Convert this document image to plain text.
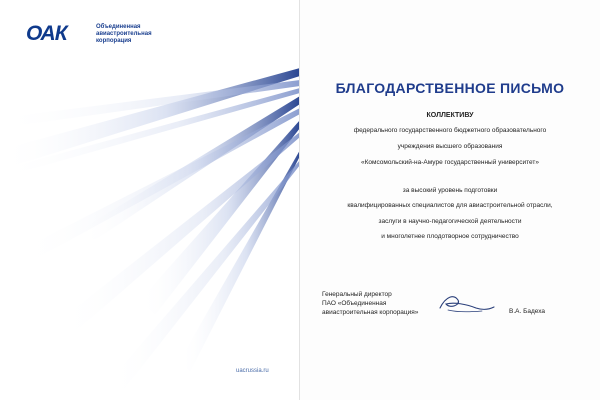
ОАК	Объединенная
авиастроительная
корпорация
uacrussia.ru
БЛАГОДАРСТВЕННОЕ ПИСЬМО
КОЛЛЕКТИВУ
федерального государственного бюджетного образовательного
учреждения высшего образования
«Комсомольский-на-Амуре государственный университет»
за высокий уровень подготовки
квалифицированных специалистов для авиастроительной отрасли,
заслуги в научно-педагогической деятельности
и многолетнее плодотворное сотрудничество
Генеральный директор
ПАО «Объединенная
авиастроительная корпорация»	В.А. Бадеха
